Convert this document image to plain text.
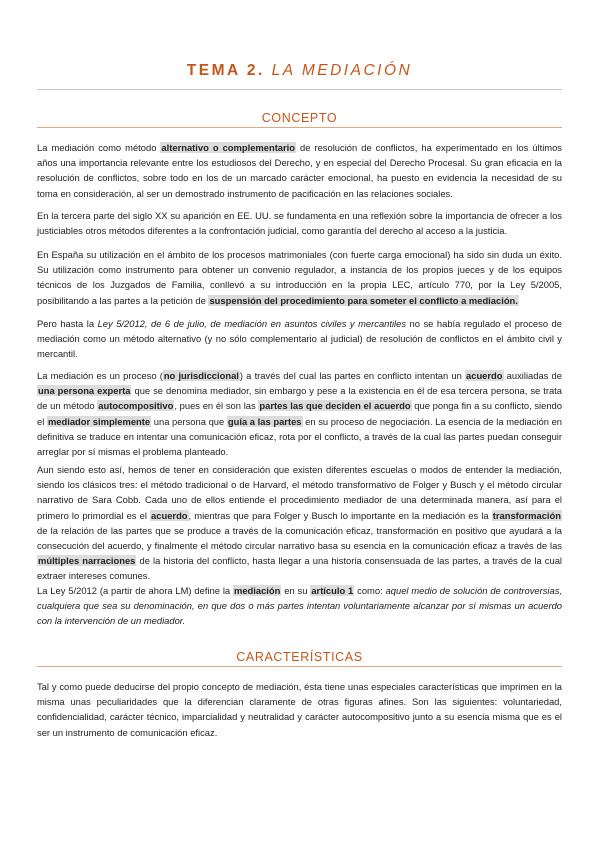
TEMA 2. LA MEDIACIÓN
CONCEPTO

La mediación como método alternativo o complementario de resolución de conflictos, ha experimentado en los últimos años una importancia relevante entre los estudiosos del Derecho, y en especial del Derecho Procesal. Su gran eficacia en la resolución de conflictos, sobre todo en los de un marcado carácter emocional, ha puesto en evidencia la necesidad de su toma en consideración, al ser un demostrado instrumento de pacificación en las relaciones sociales.

En la tercera parte del siglo XX su aparición en EE. UU. se fundamenta en una reflexión sobre la importancia de ofrecer a los justiciables otros métodos diferentes a la confrontación judicial, como garantía del derecho al acceso a la justicia.

En España su utilización en el ámbito de los procesos matrimoniales (con fuerte carga emocional) ha sido sin duda un éxito. Su utilización como instrumento para obtener un convenio regulador, a instancia de los propios jueces y de los equipos técnicos de los Juzgados de Familia, conllevó a su introducción en la propia LEC, artículo 770, por la Ley 5/2005, posibilitando a las partes a la petición de suspensión del procedimiento para someter el conflicto a mediación.

Pero hasta la Ley 5/2012, de 6 de julio, de mediación en asuntos civiles y mercantiles no se había regulado el proceso de mediación como un método alternativo (y no sólo complementario al judicial) de resolución de conflictos en el ámbito civil y mercantil.

La mediación es un proceso (no jurisdiccional) a través del cual las partes en conflicto intentan un acuerdo auxiliadas de una persona experta que se denomina mediador, sin embargo y pese a la existencia en él de esa tercera persona, se trata de un método autocompositivo, pues en él son las partes las que deciden el acuerdo que ponga fin a su conflicto, siendo el mediador simplemente una persona que guía a las partes en su proceso de negociación. La esencia de la mediación en definitiva se traduce en intentar una comunicación eficaz, rota por el conflicto, a través de la cual las partes puedan conseguir arreglar por sí mismas el problema planteado.

Aun siendo esto así, hemos de tener en consideración que existen diferentes escuelas o modos de entender la mediación, siendo los clásicos tres: el método tradicional o de Harvard, el método transformativo de Folger y Busch y el método circular narrativo de Sara Cobb. Cada uno de ellos entiende el procedimiento mediador de una determinada manera, así para el primero lo primordial es el acuerdo, mientras que para Folger y Busch lo importante en la mediación es la transformación de la relación de las partes que se produce a través de la comunicación eficaz, transformación en positivo que ayudará a la consecución del acuerdo, y finalmente el método circular narrativo basa su esencia en la comunicación eficaz a través de las múltiples narraciones de la historia del conflicto, hasta llegar a una historia consensuada de las partes, a través de la cual extraer intereses comunes.

La Ley 5/2012 (a partir de ahora LM) define la mediación en su artículo 1 como: aquel medio de solución de controversias, cualquiera que sea su denominación, en que dos o más partes intentan voluntariamente alcanzar por sí mismas un acuerdo con la intervención de un mediador.

CARACTERÍSTICAS

Tal y como puede deducirse del propio concepto de mediación, ésta tiene unas especiales características que imprimen en la misma unas peculiaridades que la diferencian claramente de otras figuras afines. Son las siguientes: voluntariedad, confidencialidad, carácter técnico, imparcialidad y neutralidad y carácter autocompositivo junto a su esencia misma que es el ser un instrumento de comunicación eficaz.
